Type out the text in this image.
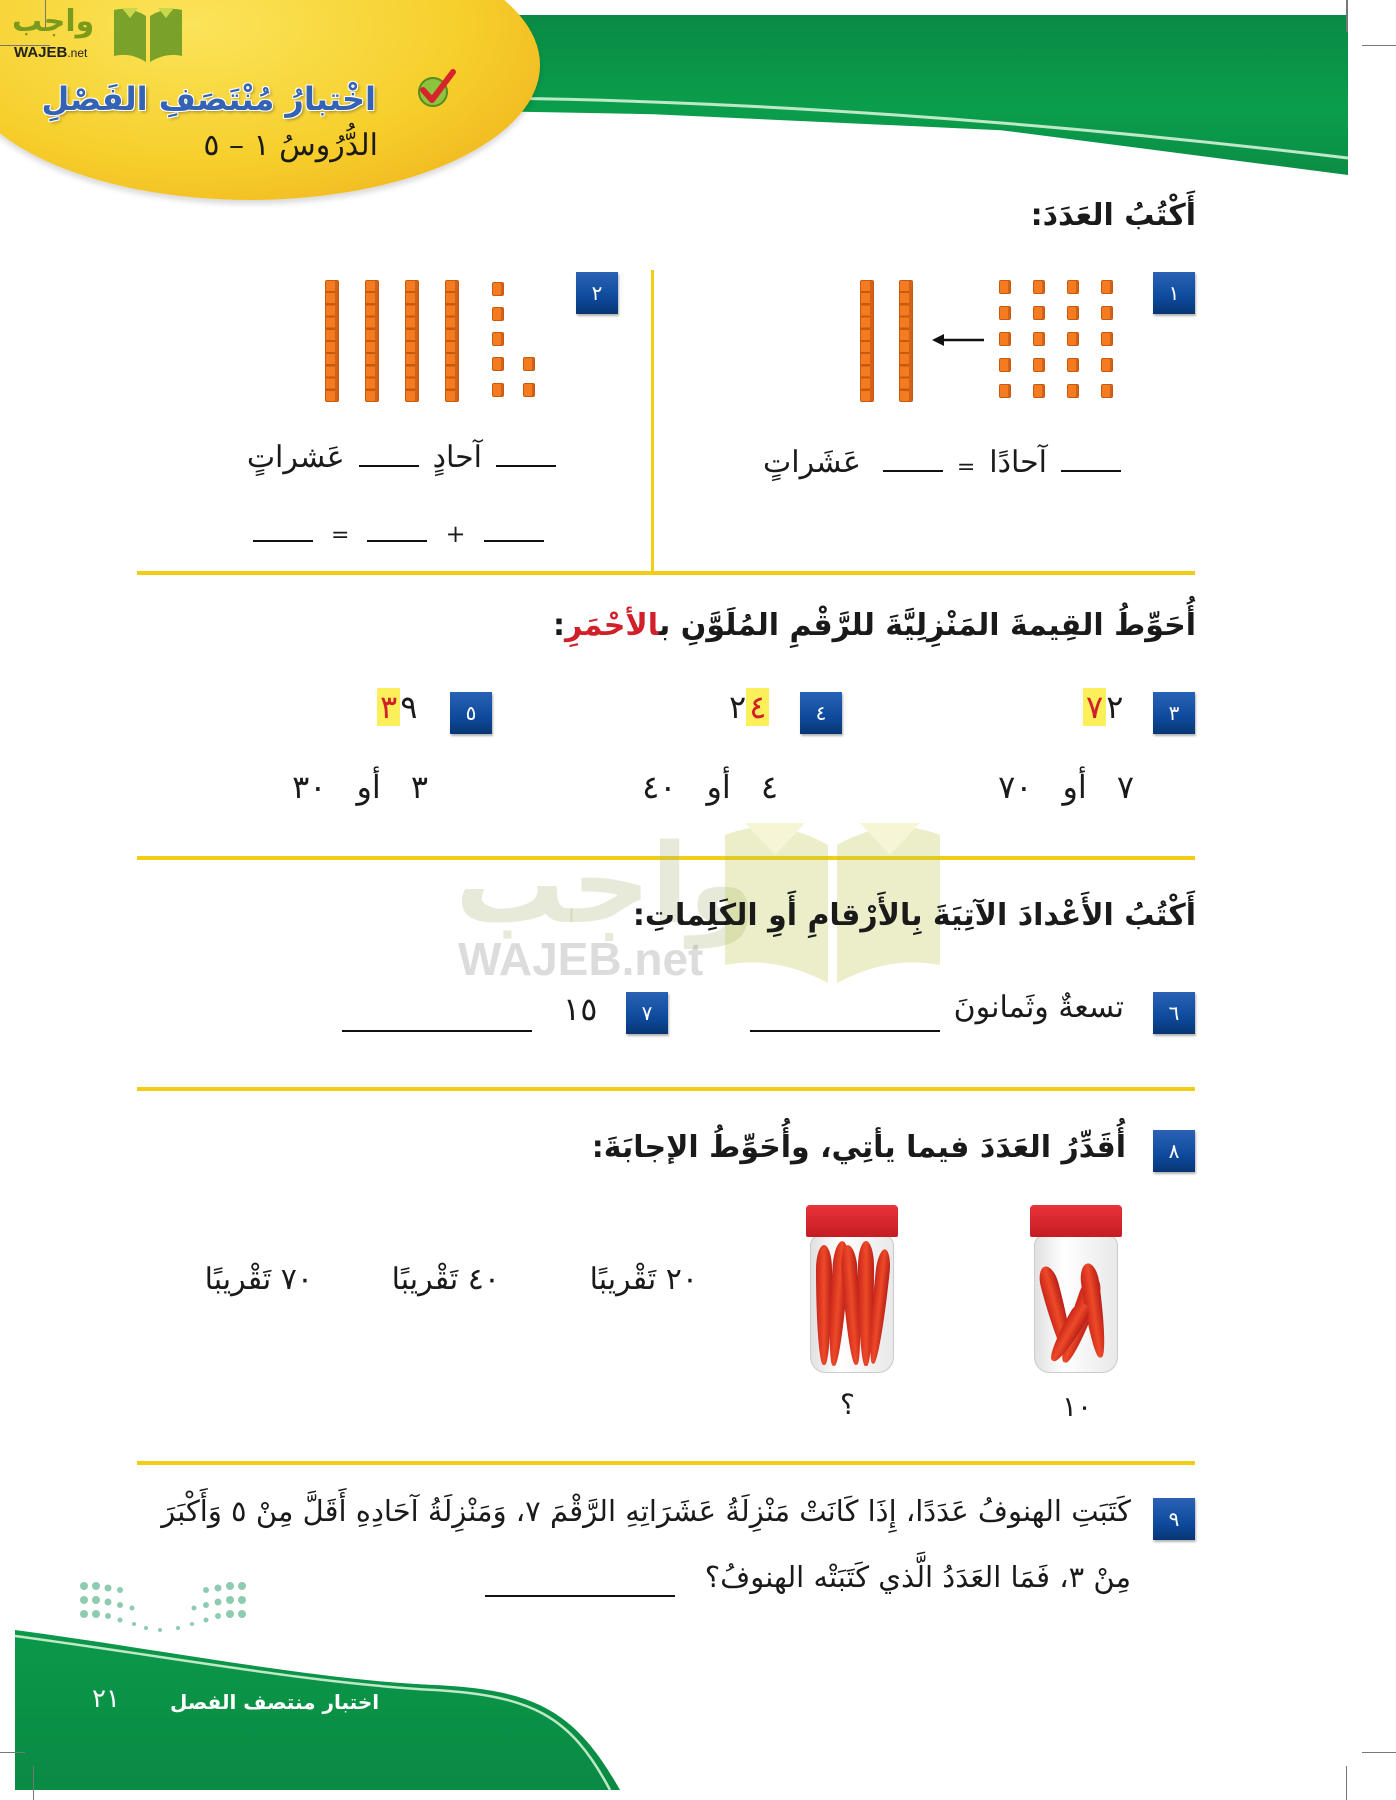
واجب
WAJEB.net
اخْتبارُ مُنْتَصَفِ الفَصْلِ
الدُّرُوسُ ١ – ٥
أَكْتُبُ العَدَدَ:
١
٢
آحادًا
=
عَشَراتٍ
آحادٍ
عَشراتٍ
=	+
أُحَوِّطُ القِيمةَ المَنْزِلِيَّةَ للرَّقْمِ المُلَوَّنِ بالأحْمَرِ:
٣
٧٢
٧
أو
٧٠
٤
٢٤
٤
أو
٤٠
٥
٣٩
٣
أو
٣٠
واجب
WAJEB.net
أَكْتُبُ الأَعْدادَ الآتِيَةَ بِالأَرْقامِ أَوِ الكَلِماتِ:
٦
تسعةٌ وثَمانونَ
٧
١٥
٨
أُقَدِّرُ العَدَدَ فيما يأتِي، وأُحَوِّطُ الإجابَةَ:
١٠
؟
٢٠ تَقْريبًا
٤٠ تَقْريبًا
٧٠ تَقْريبًا
٩
كَتَبَتِ الهنوفُ عَدَدًا، إِذَا كَانَتْ مَنْزِلَةُ عَشَرَاتِهِ الرَّقْمَ ٧، وَمَنْزِلَةُ آحَادِهِ أَقَلَّ مِنْ ٥ وَأَكْبَرَ
مِنْ ٣، فَمَا العَدَدُ الَّذي كَتَبَتْه الهنوفُ؟
اختبار منتصف الفصل
٢١
